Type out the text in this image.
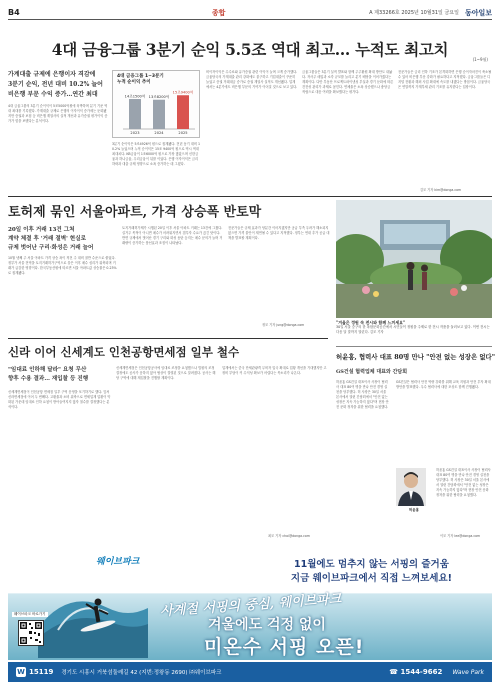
B4	종합	A 제33266호 2025년 10월31일 금요일 동아일보
4대 금융그룹 3분기 순익 5.5조 역대 최고… 누적도 최고치
(1~9월)
가계대출 규제에 은행이자 격감에
3분기 순익, 전년 대비 10.2% 늘어
비은행 부문 수익 증가…연간 최대
4대 금융그룹의 3분기 순이익이 5조5000억원에 육박하며 분기 기준 역대 최대를 기록했다. 가계대출 규제로 은행의 이자이익 증가세는 둔화됐지만 증권과 보험 등 비은행 계열사의 실적 개선과 유가증권 평가이익 증가가 힘을 보탰다는 분석이다.
3분기 순이익은 5조4926억 원으로 집계됐다. 전년 동기 대비 10.2% 늘었으며 누적 순이익은 15조 9400억 원으로 역시 역대 최대치다. KB금융이 1조6000억 원으로 가장 많았으며 신한금융과 하나금융, 우리금융이 뒤를 이었다. 은행 이자이익은 금리 하락과 대출 규제 영향으로 소폭 증가하는 데 그쳤다.
비이자이익은 수수료와 유가증권 관련 이익이 늘며 크게 증가했다. 금융당국의 가계대출 관리 강화에도 불구하고 기업대출이 꾸준히 늘었고 증권 거래대금 증가로 증권 계열사 실적도 개선됐다. 업계에서는 4분기에도 비은행 부문의 기여가 이어질 것으로 보고 있다.
금융그룹들은 3분기 실적 발표와 함께 주주환원 확대 방안도 내놨다. 자사주 매입과 소각 규모를 늘리고 분기 배당을 이어가겠다는 계획이다. 다만 부동산 프로젝트파이낸싱 부실과 경기 둔화에 따른 건전성 관리가 과제로 꼽힌다. 연체율은 소폭 상승했으나 충당금 적립으로 대응 여력을 확보했다는 평가다.
전문가들은 금리 인하 기조가 본격화하면 은행 순이자마진이 축소될 수 있어 비은행 부문 강화가 필요하다고 지적했다. 금융그룹들은 디지털 전환과 해외 사업 확대에 속도를 내겠다는 방침이다. 금융당국은 연말까지 가계부채 관리 기조를 유지한다는 입장이다.
김모 기자 kim@donga.com
4대 금융그룹 1~3분기
누적 순이익 추이
14조1500억
2023
13조8200억
2024
15조9400억
2025
토허제 묶인 서울아파트, 가격 상승폭 반토막
20일 이후 거래 13건 그쳐
계약 체결 후 '거래 절벽' 현실로
규제 벗어난 구리·화성은 거래 늘어
10월 넷째 주 서울 아파트 가격 상승 폭이 직전 주 대비 절반 수준으로 줄었다. 정부가 서울 전역을 토지거래허가구역으로 묶은 이후 매수 심리가 위축되며 거래가 급감한 영향이다. 한국부동산원에 따르면 서울 아파트값 상승률은 0.23%로 집계됐다.
토지거래허가제가 시행된 20일 이후 서울 아파트 거래는 13건에 그쳤다. 실거주 목적이 아니면 매수가 어려워지면서 갭투자 수요가 끊긴 탓이다. 반면 규제에서 벗어난 경기 구리와 화성 동탄 등지는 매수 문의가 늘며 거래량이 증가하는 풍선효과 조짐이 나타났다.
전문가들은 규제 효과가 당분간 이어지겠지만 공급 부족 우려가 해소되지 않으면 가격 불안이 재연될 수 있다고 지적했다. 정부는 연내 추가 공급 대책을 발표할 계획이다.
정모 기자 jung@donga.com	"겨울은 정원 속 전시와 함께 느끼세요"
30일 서울 중구의 한 복합문화공간에서 시민들이 정원을 주제로 한 전시 작품을 둘러보고 있다. 이번 전시는 다음 달 말까지 열린다. 김모 기자
신라 이어 신세계도 인천공항면세점 일부 철수
"임대료 인하해 달라" 요청 무산
향후 수용 결과… 재입찰 등 진행
신세계면세점이 인천공항 면세점 일부 구역 운영을 포기하기로 했다. 앞서 신라면세점에 이어 두 번째다. 고환율과 소비 위축으로 면세업계 업황이 악화된 가운데 임대료 인하 요청이 받아들여지지 않자 철수를 결정했다는 분석이다.
신세계면세점은 인천공항공사에 임대료 조정을 요청했으나 법원의 조정 결정에도 공사가 응하지 않아 협상이 결렬된 것으로 알려졌다. 공사는 해당 구역에 대해 재입찰을 진행할 계획이다.
업계에서는 중국 단체관광객 무비자 입국 확대로 업황 개선을 기대했지만 고정비 부담이 커 수익성 확보가 어렵다는 목소리가 나온다.
최모 기자 choi@donga.com
허윤홍, 협력사 대표 80명 만나 "안전 없는 성장은 없다"
GS건설 협력업체 대표와 간담회
허윤홍 GS건설 대표이사 사장이 협력사 대표 80여 명을 만나 안전 경영 실천을 당부했다. 허 사장은 30일 서울 본사에서 열린 간담회에서 "안전 없는 성장은 지속 가능하지 않다"며 현장 안전 문화 정착을 위한 협력을 요청했다.
GS건설은 협력사 안전 역량 강화를 위해 교육 지원과 안전 투자 확대 방안을 발표했다. 우수 협력사에 대한 포상도 함께 진행됐다.
허윤홍
허윤홍 GS건설 대표이사 사장이 협력사 대표 80여 명을 만나 안전 경영 실천을 당부했다. 허 사장은 30일 서울 본사에서 열린 간담회에서 "안전 없는 성장은 지속 가능하지 않다"며 현장 안전 문화 정착을 위한 협력을 요청했다.
이모 기자 lee@donga.com
웨이브파크	11월에도 멈추지 않는 서핑의 즐거움
지금 웨이브파크에서 직접 느껴보세요!
사계절 서핑의 중심, 웨이브파크
겨울에도 걱정 없이
미온수 서핑 오픈!
웨이브파크 바로가기
W 15119 경기도 시흥시 거북섬둘레길 42 (지번:정왕동 2690) ㈜웨이브파크	☎ 1544-9662 Wave Park
